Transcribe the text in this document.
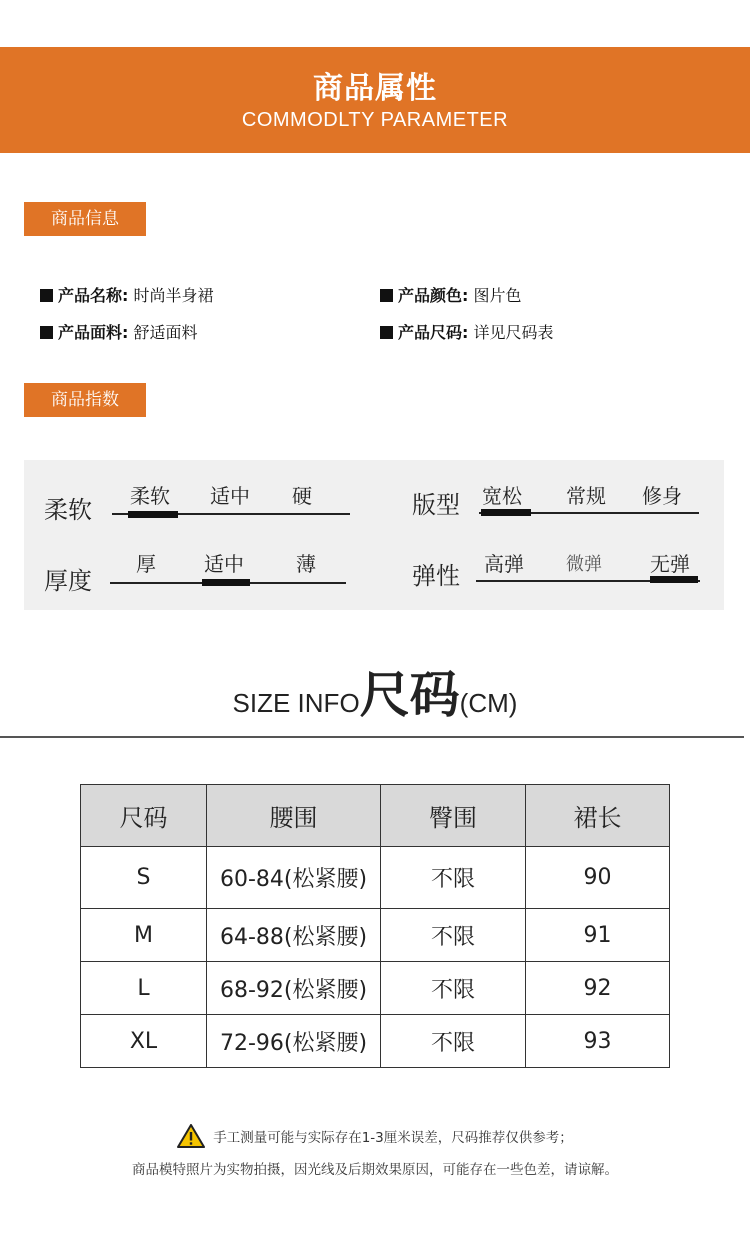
商品属性
COMMODLTY PARAMETER
商品信息
产品名称: 时尚半身裙	产品颜色: 图片色
产品面料: 舒适面料	产品尺码: 详见尺码表
商品指数
柔软 柔软 适中 硬	版型 宽松 常规 修身
厚度
厚 适中	薄	弹性 高弹 微弹 无弹
SIZE INFO尺码(CM)
尺码	腰围	臀围	裙长
S	60-84(松紧腰)	不限	90
M	64-88(松紧腰)	不限	91
L	68-92(松紧腰)	不限	92
XL	72-96(松紧腰)	不限	93
手工测量可能与实际存在1-3厘米误差，尺码推荐仅供参考；
商品模特照片为实物拍摄，因光线及后期效果原因，可能存在一些色差，请谅解。
